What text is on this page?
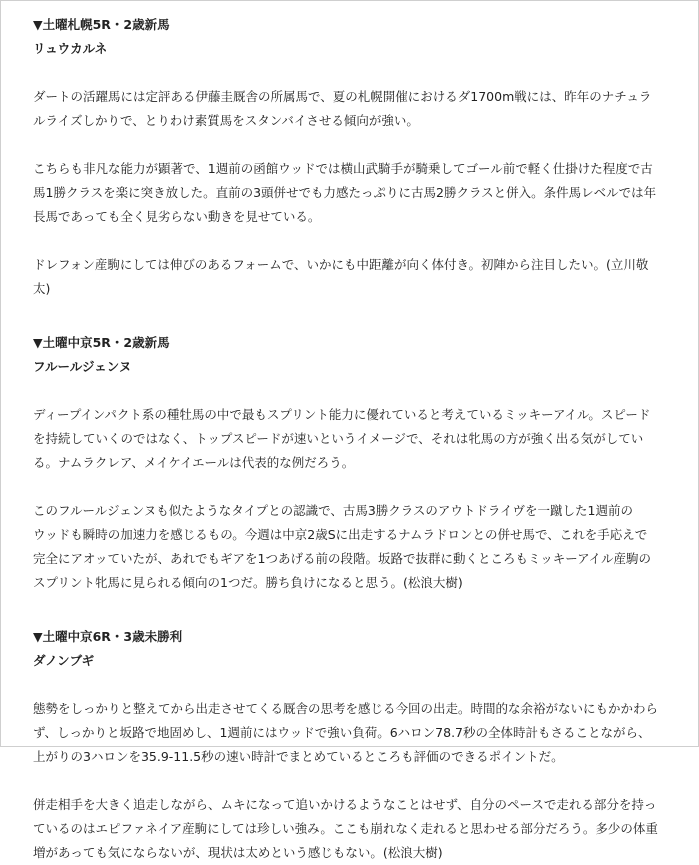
▼土曜札幌5R・2歳新馬
リュウカルネ

ダートの活躍馬には定評ある伊藤圭厩舎の所属馬で、夏の札幌開催におけるダ1700m戦には、昨年のナチュラ

ルライズしかりで、とりわけ素質馬をスタンバイさせる傾向が強い。

こちらも非凡な能力が顕著で、1週前の函館ウッドでは横山武騎手が騎乗してゴール前で軽く仕掛けた程度で古

馬1勝クラスを楽に突き放した。直前の3頭併せでも力感たっぷりに古馬2勝クラスと併入。条件馬レベルでは年

長馬であっても全く見劣らない動きを見せている。

ドレフォン産駒にしては伸びのあるフォームで、いかにも中距離が向く体付き。初陣から注目したい。(立川敬

太)

▼土曜中京5R・2歳新馬
フルールジェンヌ

ディープインパクト系の種牡馬の中で最もスプリント能力に優れていると考えているミッキーアイル。スピード

を持続していくのではなく、トップスピードが速いというイメージで、それは牝馬の方が強く出る気がしてい

る。ナムラクレア、メイケイエールは代表的な例だろう。

このフルールジェンヌも似たようなタイプとの認識で、古馬3勝クラスのアウトドライヴを一蹴した1週前の

ウッドも瞬時の加速力を感じるもの。今週は中京2歳Sに出走するナムラドロンとの併せ馬で、これを手応えで

完全にアオッていたが、あれでもギアを1つあげる前の段階。坂路で抜群に動くところもミッキーアイル産駒の

スプリント牝馬に見られる傾向の1つだ。勝ち負けになると思う。(松浪大樹)

▼土曜中京6R・3歳未勝利
ダノンブギ

態勢をしっかりと整えてから出走させてくる厩舎の思考を感じる今回の出走。時間的な余裕がないにもかかわら

ず、しっかりと坂路で地固めし、1週前にはウッドで強い負荷。6ハロン78.7秒の全体時計もさることながら、

上がりの3ハロンを35.9-11.5秒の速い時計でまとめているところも評価のできるポイントだ。

併走相手を大きく追走しながら、ムキになって追いかけるようなことはせず、自分のペースで走れる部分を持っ

ているのはエピファネイア産駒にしては珍しい強み。ここも崩れなく走れると思わせる部分だろう。多少の体重

増があっても気にならないが、現状は太めという感じもない。(松浪大樹)
